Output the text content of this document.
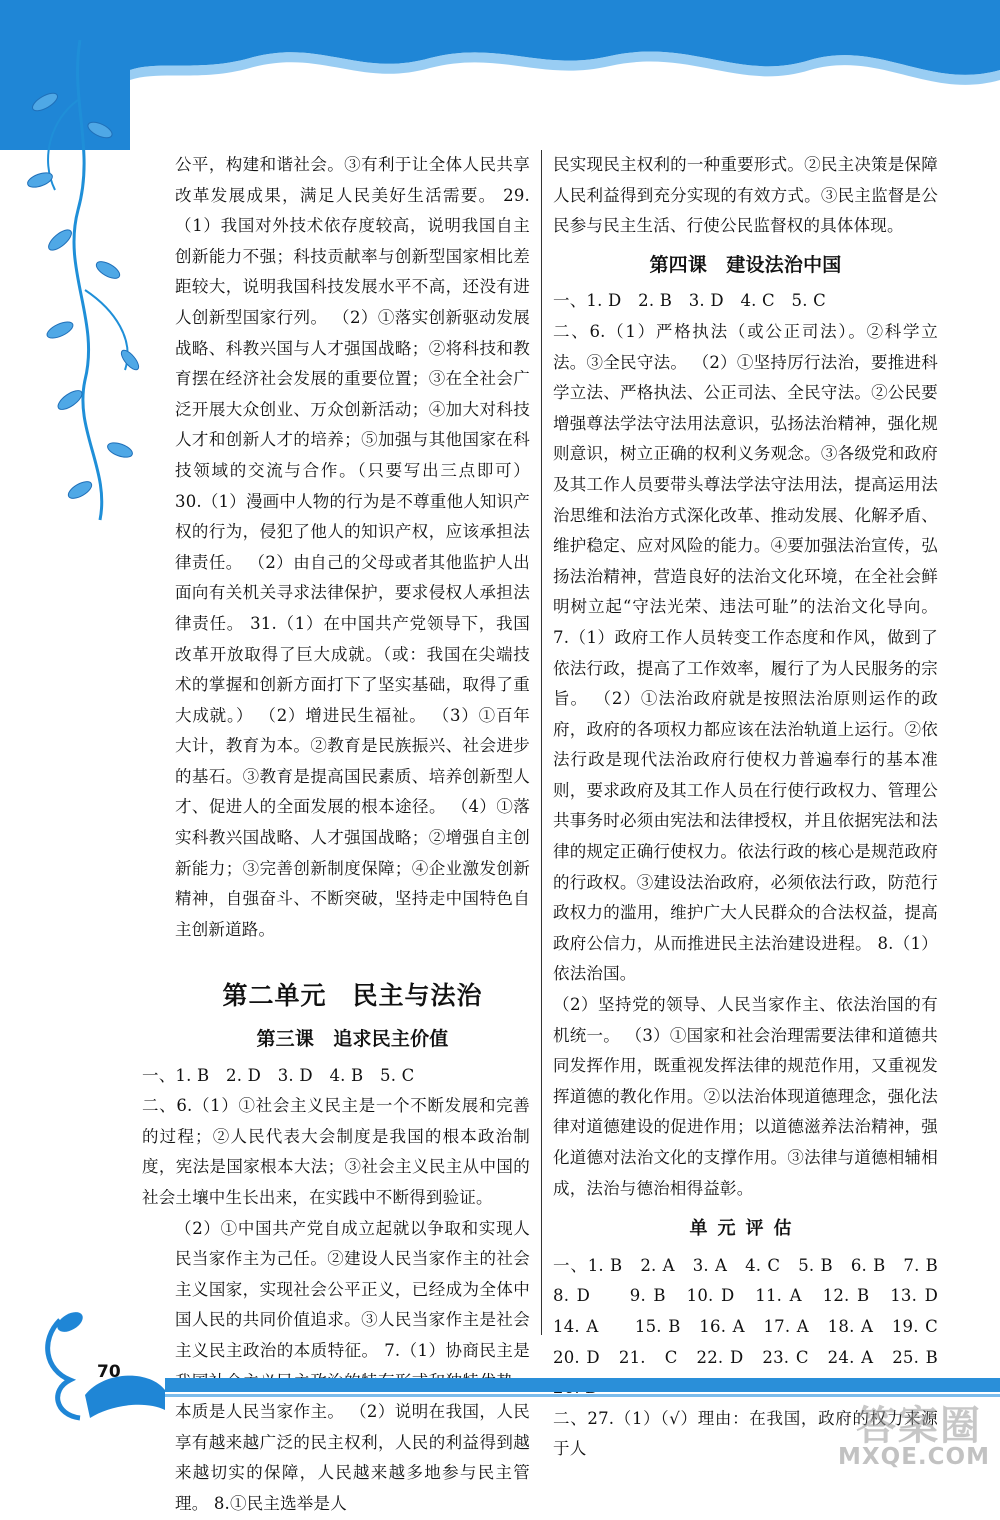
公平，构建和谐社会。③有利于让全体人民共享改革发展成果，满足人民美好生活需要。 29.（1）我国对外技术依存度较高，说明我国自主创新能力不强；科技贡献率与创新型国家相比差距较大，说明我国科技发展水平不高，还没有进人创新型国家行列。 （2）①落实创新驱动发展战略、科教兴国与人才强国战略；②将科技和教育摆在经济社会发展的重要位置；③在全社会广泛开展大众创业、万众创新活动；④加大对科技人才和创新人才的培养；⑤加强与其他国家在科技领域的交流与合作。（只要写出三点即可） 30.（1）漫画中人物的行为是不尊重他人知识产权的行为，侵犯了他人的知识产权，应该承担法律责任。 （2）由自己的父母或者其他监护人出面向有关机关寻求法律保护，要求侵权人承担法律责任。 31.（1）在中国共产党领导下，我国改革开放取得了巨大成就。（或：我国在尖端技术的掌握和创新方面打下了坚实基础，取得了重大成就。） （2）增进民生福祉。 （3）①百年大计，教育为本。②教育是民族振兴、社会进步的基石。③教育是提高国民素质、培养创新型人才、促进人的全面发展的根本途径。 （4）①落实科教兴国战略、人才强国战略；②增强自主创新能力；③完善创新制度保障；④企业激发创新精神，自强奋斗、不断突破，坚持走中国特色自主创新道路。

第二单元　民主与法治
第三课　追求民主价值

一、1. B　2. D　3. D　4. B　5. C

二、6.（1）①社会主义民主是一个不断发展和完善的过程；②人民代表大会制度是我国的根本政治制度，宪法是国家根本大法；③社会主义民主从中国的社会土壤中生长出来，在实践中不断得到验证。

（2）①中国共产党自成立起就以争取和实现人民当家作主为己任。②建设人民当家作主的社会主义国家，实现社会公平正义，已经成为全体中国人民的共同价值追求。③人民当家作主是社会主义民主政治的本质特征。 7.（1）协商民主是 本质是人民当家作主。 （2）说明在我国，人民享有越来越广泛的民主权利，人民的利益得到越来越切实的保障，人民越来越多地参与民主管理。 8.①民主选举是人

民实现民主权利的一种重要形式。②民主决策是保障人民利益得到充分实现的有效方式。③民主监督是公民参与民主生活、行使公民监督权的具体体现。

第四课　建设法治中国

一、1. D　2. B　3. D　4. C　5. C

二、6.（1）严格执法（或公正司法）。②科学立法。③全民守法。 （2）①坚持厉行法治，要推进科学立法、严格执法、公正司法、全民守法。②公民要增强尊法学法守法用法意识，弘扬法治精神，强化规则意识，树立正确的权利义务观念。③各级党和政府及其工作人员要带头尊法学法守法用法，提高运用法治思维和法治方式深化改革、推动发展、化解矛盾、维护稳定、应对风险的能力。④要加强法治宣传，弘扬法治精神，营造良好的法治文化环境，在全社会鲜明树立起“守法光荣、违法可耻”的法治文化导向。 7.（1）政府工作人员转变工作态度和作风，做到了依法行政，提高了工作效率，履行了为人民服务的宗旨。 （2）①法治政府就是按照法治原则运作的政府，政府的各项权力都应该在法治轨道上运行。②依法行政是现代法治政府行使权力普遍奉行的基本准则，要求政府及其工作人员在行使行政权力、管理公共事务时必须由宪法和法律授权，并且依据宪法和法律的规定正确行使权力。依法行政的核心是规范政府的行政权。③建设法治政府，必须依法行政，防范行政权力的滥用，维护广大人民群众的合法权益，提高政府公信力，从而推进民主法治建设进程。 8.（1）依法治国。

（2）坚持党的领导、人民当家作主、依法治国的有机统一。 （3）①国家和社会治理需要法律和道德共同发挥作用，既重视发挥法律的规范作用，又重视发挥道德的教化作用。②以法治体现道德理念，强化法律对道德建设的促进作用；以道德滋养法治精神，强化道德对法治文化的支撑作用。③法律与道德相辅相成，法治与德治相得益彰。

单元评估

一、1. B　2. A　3. A　4. C　5. B　6. B　7. B　8. D　　9. B　10. D　11. A　12. B　13. D　14. A　　15. B　16. A　17. A　18. A　19. C　20. D　21.　C　22. D　23. C　24. A　25. B　

二、27.（1）（√）理由：在我国，政府的权力来源于人

70
答案圈
MXQE.COM
